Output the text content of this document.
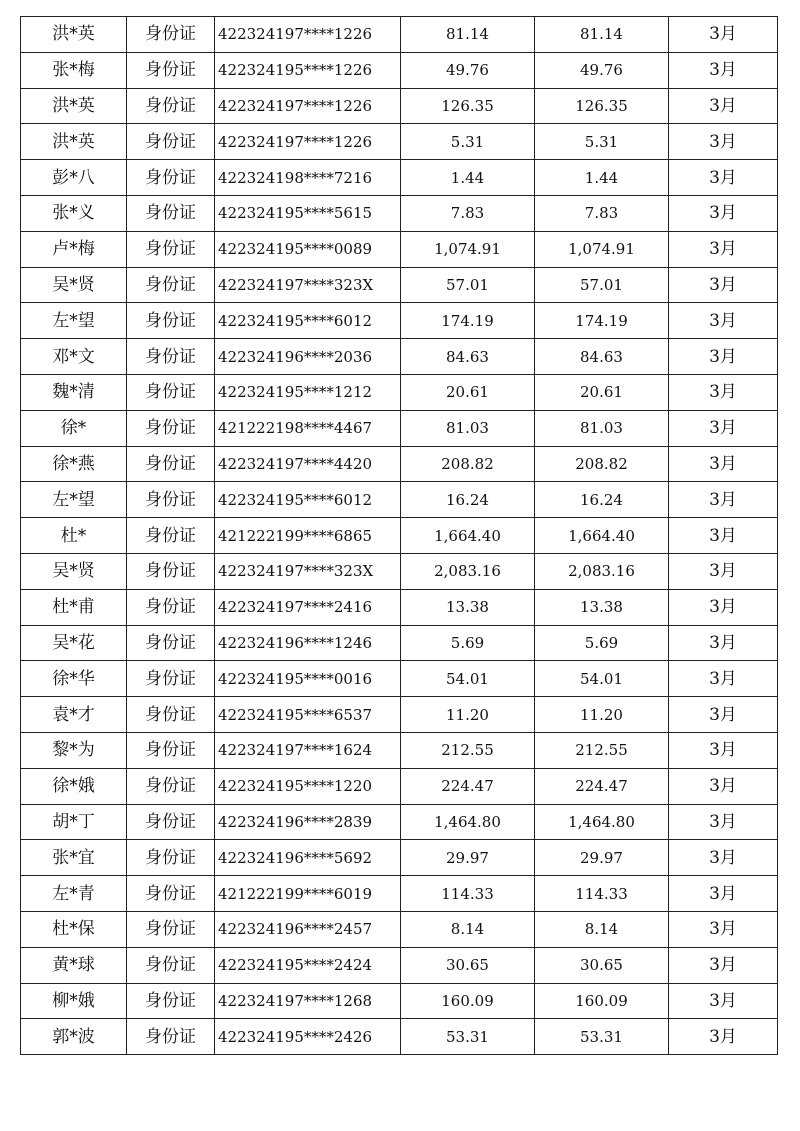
洪*英	身份证	422324197****1226	81.14	81.14	3月
张*梅	身份证	422324195****1226	49.76	49.76	3月
洪*英	身份证	422324197****1226	126.35	126.35	3月
洪*英	身份证	422324197****1226	5.31	5.31	3月
彭*八	身份证	422324198****7216	1.44	1.44	3月
张*义	身份证	422324195****5615	7.83	7.83	3月
卢*梅	身份证	422324195****0089	1,074.91	1,074.91	3月
吴*贤	身份证	422324197****323X	57.01	57.01	3月
左*望	身份证	422324195****6012	174.19	174.19	3月
邓*文	身份证	422324196****2036	84.63	84.63	3月
魏*清	身份证	422324195****1212	20.61	20.61	3月
徐*	身份证	421222198****4467	81.03	81.03	3月
徐*燕	身份证	422324197****4420	208.82	208.82	3月
左*望	身份证	422324195****6012	16.24	16.24	3月
杜*	身份证	421222199****6865	1,664.40	1,664.40	3月
吴*贤	身份证	422324197****323X	2,083.16	2,083.16	3月
杜*甫	身份证	422324197****2416	13.38	13.38	3月
吴*花	身份证	422324196****1246	5.69	5.69	3月
徐*华	身份证	422324195****0016	54.01	54.01	3月
袁*才	身份证	422324195****6537	11.20	11.20	3月
黎*为	身份证	422324197****1624	212.55	212.55	3月
徐*娥	身份证	422324195****1220	224.47	224.47	3月
胡*丁	身份证	422324196****2839	1,464.80	1,464.80	3月
张*宜	身份证	422324196****5692	29.97	29.97	3月
左*青	身份证	421222199****6019	114.33	114.33	3月
杜*保	身份证	422324196****2457	8.14	8.14	3月
黄*球	身份证	422324195****2424	30.65	30.65	3月
柳*娥	身份证	422324197****1268	160.09	160.09	3月
郭*波	身份证	422324195****2426	53.31	53.31	3月
